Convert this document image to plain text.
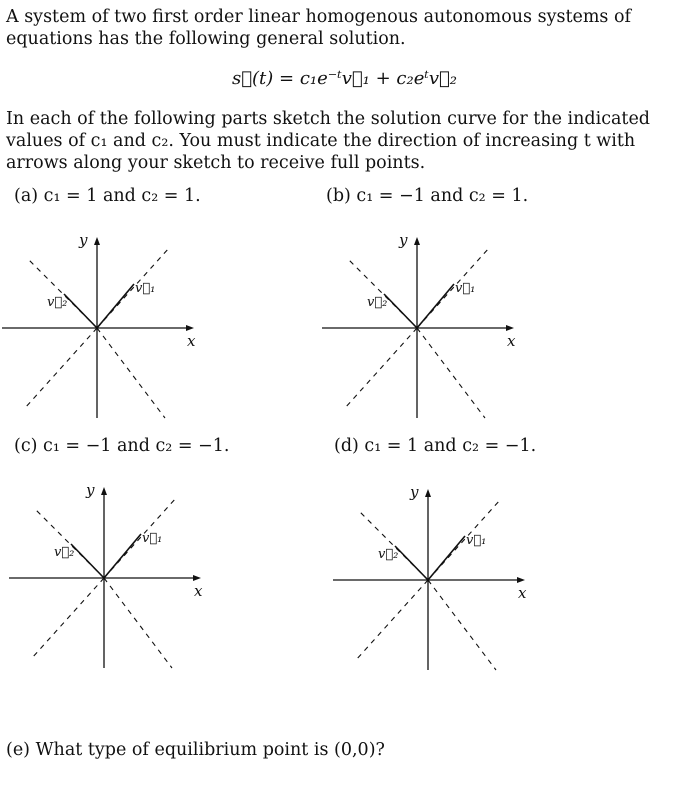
A system of two first order linear homogenous autonomous systems of equations has the following general solution.

s⃗(t) = c₁e⁻ᵗv⃗₁ + c₂eᵗv⃗₂

In each of the following parts sketch the solution curve for the indicated values of c₁ and c₂. You must indicate the direction of increasing t with arrows along your sketch to receive full points.

(a) c₁ = 1 and c₂ = 1.	(b) c₁ = −1 and c₂ = 1.
(c) c₁ = −1 and c₂ = −1.	(d) c₁ = 1 and c₂ = −1.
x
y
v⃗₁
v⃗₂
x
y
v⃗₁
v⃗₂
x
y
v⃗₁
v⃗₂
x
y
v⃗₁
v⃗₂
(e) What type of equilibrium point is (0,0)?
